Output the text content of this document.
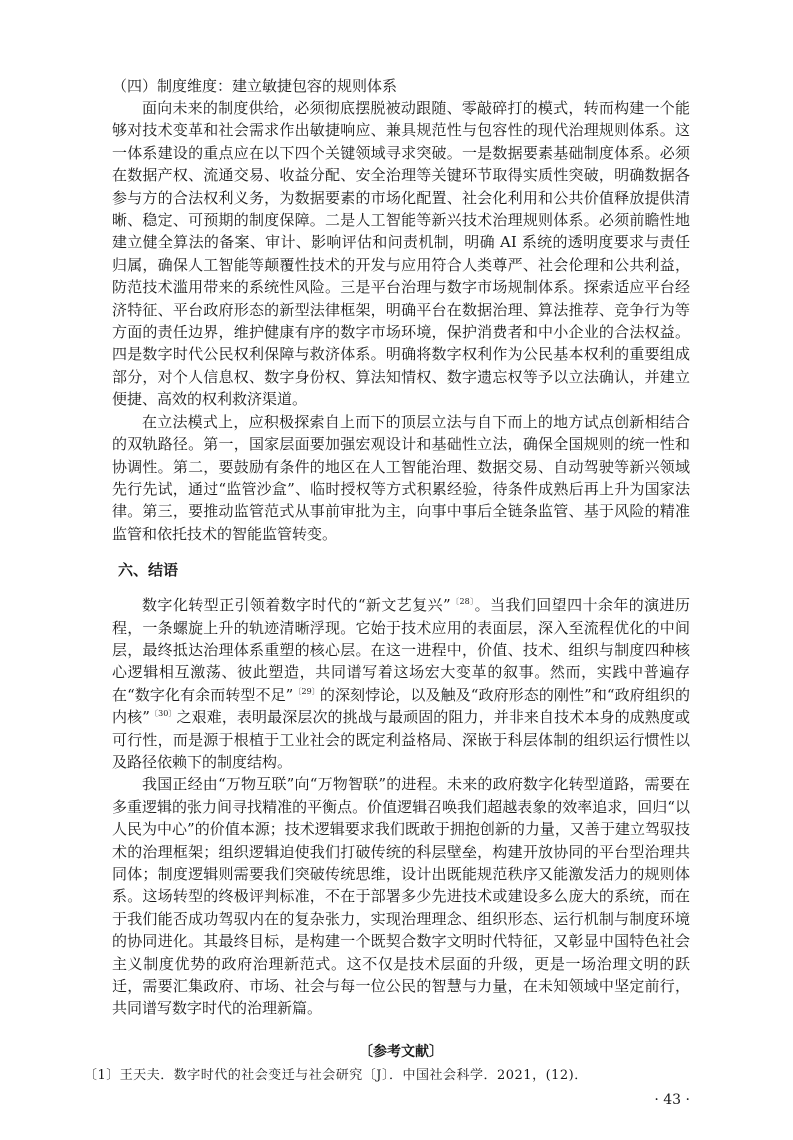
（四）制度维度：建立敏捷包容的规则体系

面向未来的制度供给，必须彻底摆脱被动跟随、零敲碎打的模式，转而构建一个能够对技术变革和社会需求作出敏捷响应、兼具规范性与包容性的现代治理规则体系。这一体系建设的重点应在以下四个关键领域寻求突破。一是数据要素基础制度体系。必须在数据产权、流通交易、收益分配、安全治理等关键环节取得实质性突破，明确数据各参与方的合法权利义务，为数据要素的市场化配置、社会化利用和公共价值释放提供清晰、稳定、可预期的制度保障。二是人工智能等新兴技术治理规则体系。必须前瞻性地建立健全算法的备案、审计、影响评估和问责机制，明确 AI 系统的透明度要求与责任归属，确保人工智能等颠覆性技术的开发与应用符合人类尊严、社会伦理和公共利益，防范技术滥用带来的系统性风险。三是平台治理与数字市场规制体系。探索适应平台经济特征、平台政府形态的新型法律框架，明确平台在数据治理、算法推荐、竞争行为等方面的责任边界，维护健康有序的数字市场环境，保护消费者和中小企业的合法权益。四是数字时代公民权利保障与救济体系。明确将数字权利作为公民基本权利的重要组成部分，对个人信息权、数字身份权、算法知情权、数字遗忘权等予以立法确认，并建立便捷、高效的权利救济渠道。

在立法模式上，应积极探索自上而下的顶层立法与自下而上的地方试点创新相结合的双轨路径。第一，国家层面要加强宏观设计和基础性立法，确保全国规则的统一性和协调性。第二，要鼓励有条件的地区在人工智能治理、数据交易、自动驾驶等新兴领域先行先试，通过“监管沙盒”、临时授权等方式积累经验，待条件成熟后再上升为国家法律。第三，要推动监管范式从事前审批为主，向事中事后全链条监管、基于风险的精准监管和依托技术的智能监管转变。

六、结语

数字化转型正引领着数字时代的“新文艺复兴”$^{〔28〕}$。当我们回望四十余年的演进历程，一条螺旋上升的轨迹清晰浮现。它始于技术应用的表面层，深入至流程优化的中间层，最终抵达治理体系重塑的核心层。在这一进程中，价值、技术、组织与制度四种核心逻辑相互激荡、彼此塑造，共同谱写着这场宏大变革的叙事。然而，实践中普遍存在“数字化有余而转型不足”$^{〔29〕}$的深刻悖论，以及触及“政府形态的刚性”和“政府组织的内核”$^{〔30〕}$之艰难，表明最深层次的挑战与最顽固的阻力，并非来自技术本身的成熟度或可行性，而是源于根植于工业社会的既定利益格局、深嵌于科层体制的组织运行惯性以及路径依赖下的制度结构。

我国正经由“万物互联”向“万物智联”的进程。未来的政府数字化转型道路，需要在多重逻辑的张力间寻找精准的平衡点。价值逻辑召唤我们超越表象的效率追求，回归“以人民为中心”的价值本源；技术逻辑要求我们既敢于拥抱创新的力量，又善于建立驾驭技术的治理框架；组织逻辑迫使我们打破传统的科层壁垒，构建开放协同的平台型治理共同体；制度逻辑则需要我们突破传统思维，设计出既能规范秩序又能激发活力的规则体系。这场转型的终极评判标准，不在于部署多少先进技术或建设多么庞大的系统，而在于我们能否成功驾驭内在的复杂张力，实现治理理念、组织形态、运行机制与制度环境的协同进化。其最终目标，是构建一个既契合数字文明时代特征，又彰显中国特色社会主义制度优势的政府治理新范式。这不仅是技术层面的升级，更是一场治理文明的跃迁，需要汇集政府、市场、社会与每一位公民的智慧与力量，在未知领域中坚定前行，共同谱写数字时代的治理新篇。

〔参考文献〕
〔1〕王天夫．数字时代的社会变迁与社会研究〔J〕．中国社会科学．2021，(12)．
· 43 ·
